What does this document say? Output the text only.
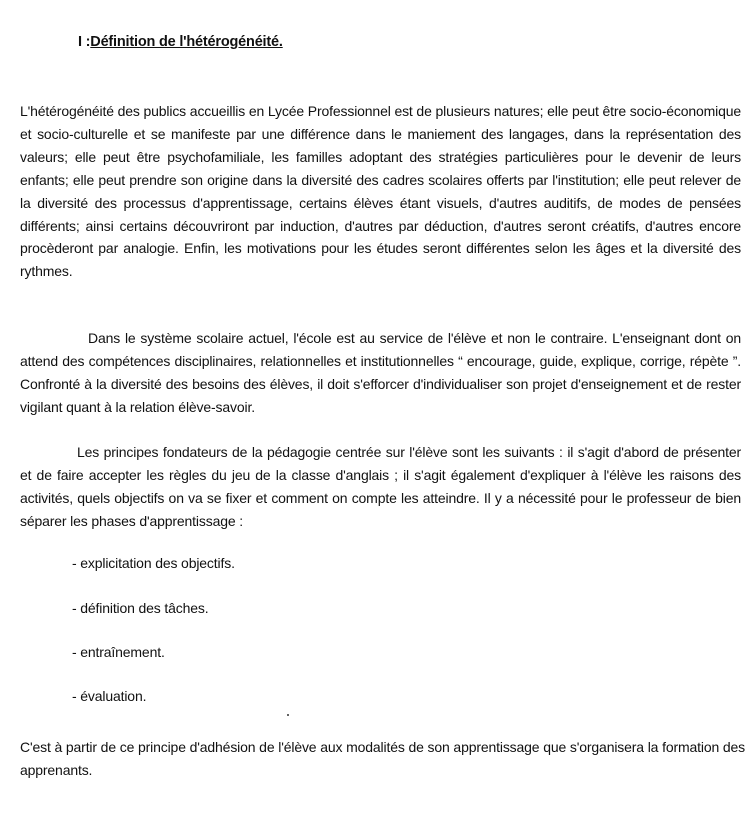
I :Définition de l'hétérogénéité.

L'hétérogénéité des publics accueillis en Lycée Professionnel est de plusieurs natures; elle peut être socio-économique et socio-culturelle et se manifeste par une différence dans le maniement des langages, dans la représentation des valeurs; elle peut être psychofamiliale, les familles adoptant des stratégies particulières pour le devenir de leurs enfants; elle peut prendre son origine dans la diversité des cadres scolaires offerts par l'institution; elle peut relever de la diversité des processus d'apprentissage, certains élèves étant visuels, d'autres auditifs, de modes de pensées différents; ainsi certains découvriront par induction, d'autres par déduction, d'autres seront créatifs, d'autres encore procèderont par analogie. Enfin, les motivations pour les études seront différentes selon les âges et la diversité des rythmes.

Dans le système scolaire actuel, l'école est au service de l'élève et non le contraire. L'enseignant dont on attend des compétences disciplinaires, relationnelles et institutionnelles “ encourage, guide, explique, corrige, répète ”. Confronté à la diversité des besoins des élèves, il doit s'efforcer d'individualiser son projet d'enseignement et de rester vigilant quant à la relation élève-savoir.

Les principes fondateurs de la pédagogie centrée sur l'élève sont les suivants : il s'agit d'abord de présenter et de faire accepter les règles du jeu de la classe d'anglais ; il s'agit également d'expliquer à l'élève les raisons des activités, quels objectifs on va se fixer et comment on compte les atteindre. Il y a nécessité pour le professeur de bien séparer les phases d'apprentissage :

- explicitation des objectifs.
- définition des tâches.
- entraînement.
- évaluation.

C'est à partir de ce principe d'adhésion de l'élève aux modalités de son apprentissage que s'organisera la formation des apprenants.
